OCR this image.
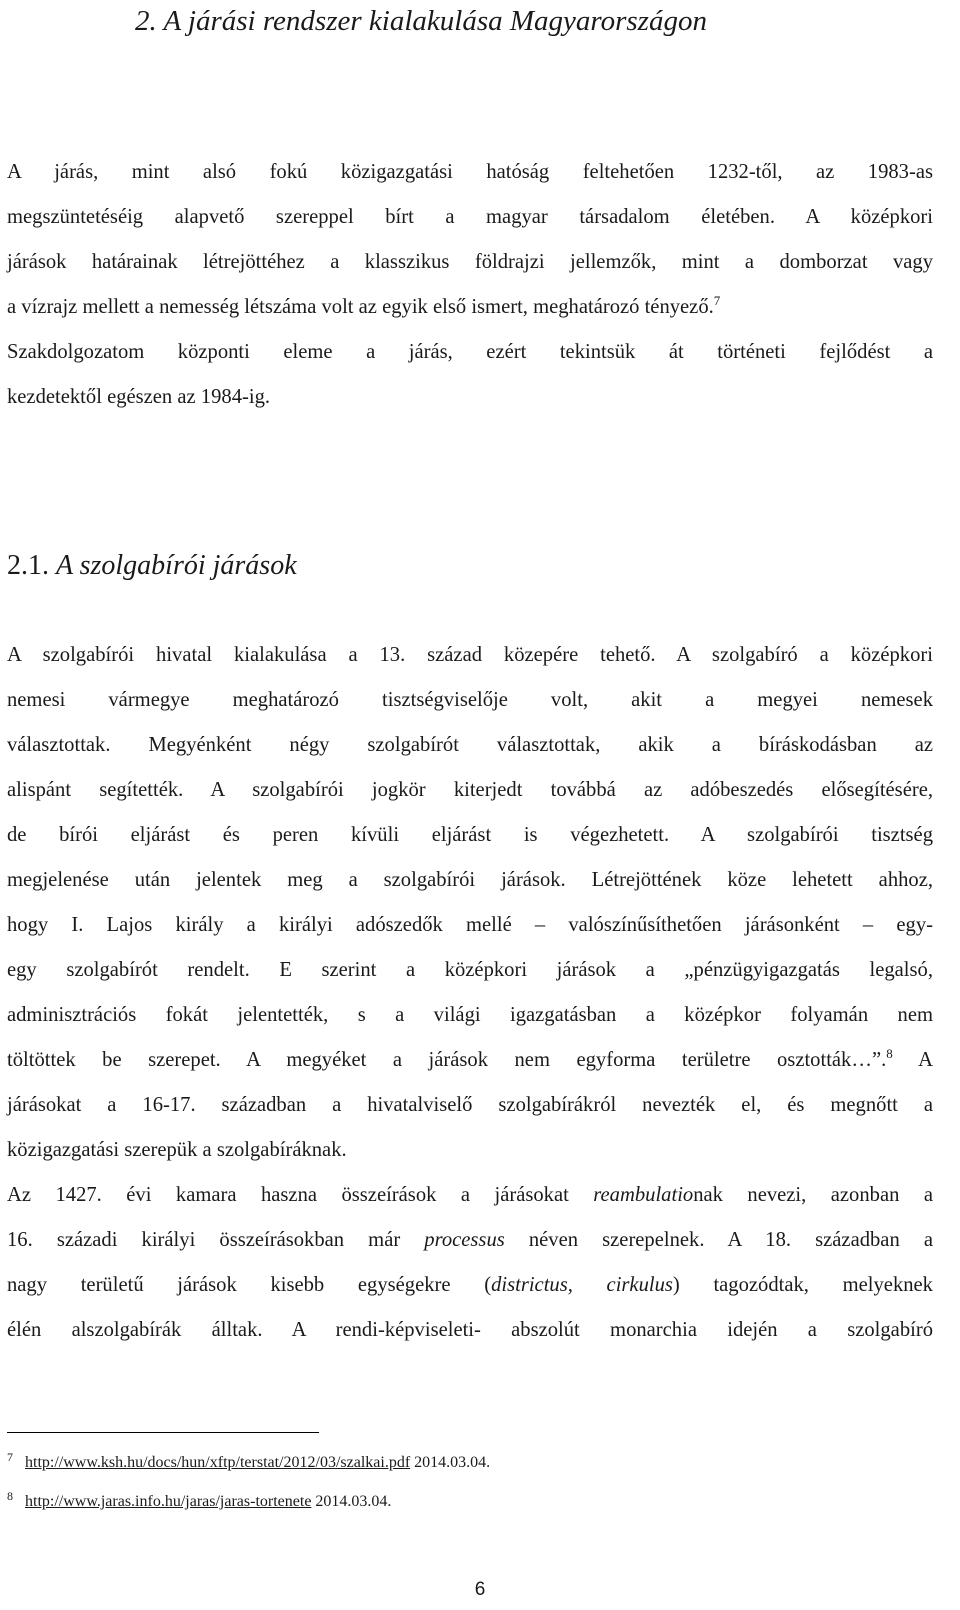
2. A járási rendszer kialakulása Magyarországon
A járás, mint alsó fokú közigazgatási hatóság feltehetően 1232-től, az 1983-as
megszüntetéséig alapvető szereppel bírt a magyar társadalom életében. A középkori
járások határainak létrejöttéhez a klasszikus földrajzi jellemzők, mint a domborzat vagy
a vízrajz mellett a nemesség létszáma volt az egyik első ismert, meghatározó tényező.$^7$
Szakdolgozatom központi eleme a járás, ezért tekintsük át történeti fejlődést a
kezdetektől egészen az 1984-ig.
2.1. A szolgabírói járások
A szolgabírói hivatal kialakulása a 13. század közepére tehető. A szolgabíró a középkori
nemesi vármegye meghatározó tisztségviselője volt, akit a megyei nemesek
választottak. Megyénként négy szolgabírót választottak, akik a bíráskodásban az
alispánt segítették. A szolgabírói jogkör kiterjedt továbbá az adóbeszedés elősegítésére,
de bírói eljárást és peren kívüli eljárást is végezhetett. A szolgabírói tisztség
megjelenése után jelentek meg a szolgabírói járások. Létrejöttének köze lehetett ahhoz,
hogy I. Lajos király a királyi adószedők mellé – valószínűsíthetően járásonként – egy-
egy szolgabírót rendelt. E szerint a középkori járások a „pénzügyigazgatás legalsó,
adminisztrációs fokát jelentették, s a világi igazgatásban a középkor folyamán nem
töltöttek be szerepet. A megyéket a járások nem egyforma területre osztották…”.$^8$ A
járásokat a 16-17. században a hivatalviselő szolgabírákról nevezték el, és megnőtt a
közigazgatási szerepük a szolgabíráknak.
Az 1427. évi kamara haszna összeírások a járásokat reambulationak nevezi, azonban a
16. századi királyi összeírásokban már processus néven szerepelnek. A 18. században a
nagy területű járások kisebb egységekre (districtus, cirkulus) tagozódtak, melyeknek
élén alszolgabírák álltak. A rendi-képviseleti- abszolút monarchia idején a szolgabíró
7 http://www.ksh.hu/docs/hun/xftp/terstat/2012/03/szalkai.pdf 2014.03.04.
8 http://www.jaras.info.hu/jaras/jaras-tortenete 2014.03.04.
6
